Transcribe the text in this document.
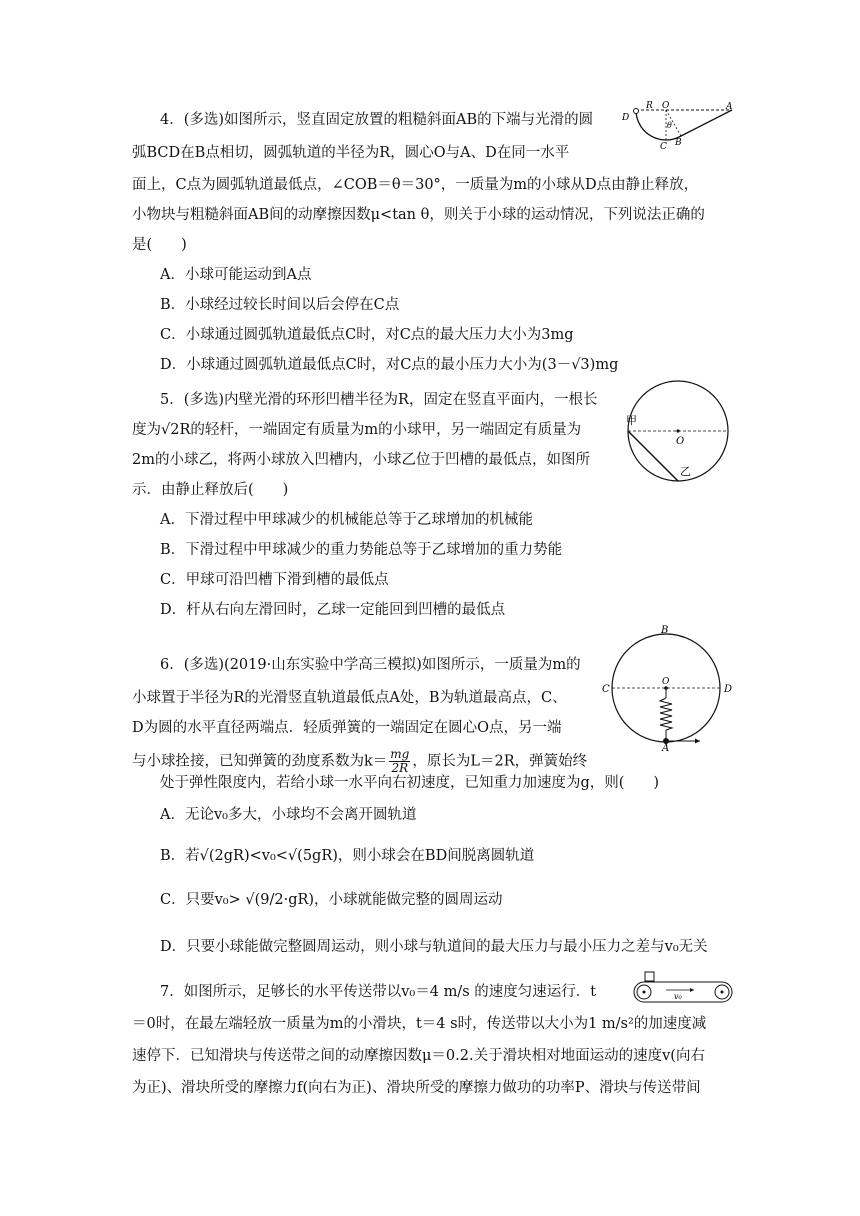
4．(多选)如图所示，竖直固定放置的粗糙斜面AB的下端与光滑的圆
弧BCD在B点相切，圆弧轨道的半径为R，圆心O与A、D在同一水平
面上，C点为圆弧轨道最低点，∠COB＝θ＝30°，一质量为m的小球从D点由静止释放，
小物块与粗糙斜面AB间的动摩擦因数μ<tan θ，则关于小球的运动情况，下列说法正确的
是(　　)
A．小球可能运动到A点
B．小球经过较长时间以后会停在C点
C．小球通过圆弧轨道最低点C时，对C点的最大压力大小为3mg
D．小球通过圆弧轨道最低点C时，对C点的最小压力大小为(3－√3)mg
D
R O	A
θ
C B
5．(多选)内壁光滑的环形凹槽半径为R，固定在竖直平面内，一根长
度为√2R的轻杆，一端固定有质量为m的小球甲，另一端固定有质量为
2m的小球乙，将两小球放入凹槽内，小球乙位于凹槽的最低点，如图所
示．由静止释放后(　　)
A．下滑过程中甲球减少的机械能总等于乙球增加的机械能
B．下滑过程中甲球减少的重力势能总等于乙球增加的重力势能
C．甲球可沿凹槽下滑到槽的最低点
D．杆从右向左滑回时，乙球一定能回到凹槽的最低点
甲
O
乙
6．(多选)(2019·山东实验中学高三模拟)如图所示，一质量为m的
小球置于半径为R的光滑竖直轨道最低点A处，B为轨道最高点，C、
D为圆的水平直径两端点．轻质弹簧的一端固定在圆心O点，另一端
与小球拴接，已知弹簧的劲度系数为$k= \frac{mg}{2R}$ ，原长为L＝2R，弹簧始终
处于弹性限度内，若给小球一水平向右初速度，已知重力加速度为g，则(　　)
A．无论v₀多大，小球均不会离开圆轨道
B．若√(2gR)<v₀<√(5gR)，则小球会在BD间脱离圆轨道
C．只要v₀> √(9/2·gR)，小球就能做完整的圆周运动
D．只要小球能做完整圆周运动，则小球与轨道间的最大压力与最小压力之差与v₀无关
B
C
O
D
A
7．如图所示，足够长的水平传送带以v₀＝4 m/s 的速度匀速运行．t
＝0时，在最左端轻放一质量为m的小滑块，t＝4 s时，传送带以大小为1 m/s²的加速度减
速停下．已知滑块与传送带之间的动摩擦因数μ＝0.2.关于滑块相对地面运动的速度v(向右
为正)、滑块所受的摩擦力f(向右为正)、滑块所受的摩擦力做功的功率P、滑块与传送带间
v₀
